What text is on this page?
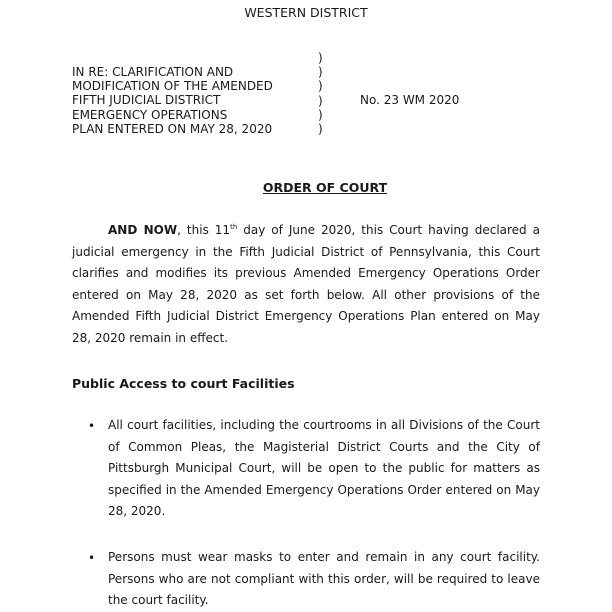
WESTERN DISTRICT
IN RE: CLARIFICATION AND
MODIFICATION OF THE AMENDED
FIFTH JUDICIAL DISTRICT
EMERGENCY OPERATIONS
PLAN ENTERED ON MAY 28, 2020
)
)
)
)
)
)
No. 23 WM 2020
ORDER OF COURT
AND NOW, this 11th day of June 2020, this Court having declared a judicial emergency in the Fifth Judicial District of Pennsylvania, this Court clarifies and modifies its previous Amended Emergency Operations Order entered on May 28, 2020 as set forth below. All other provisions of the Amended Fifth Judicial District Emergency Operations Plan entered on May 28, 2020 remain in effect.
Public Access to court Facilities
• All court facilities, including the courtrooms in all Divisions of the Court of Common Pleas, the Magisterial District Courts and the City of Pittsburgh Municipal Court, will be open to the public for matters as specified in the Amended Emergency Operations Order entered on May 28, 2020.
• Persons must wear masks to enter and remain in any court facility. Persons who are not compliant with this order, will be required to leave the court facility.
